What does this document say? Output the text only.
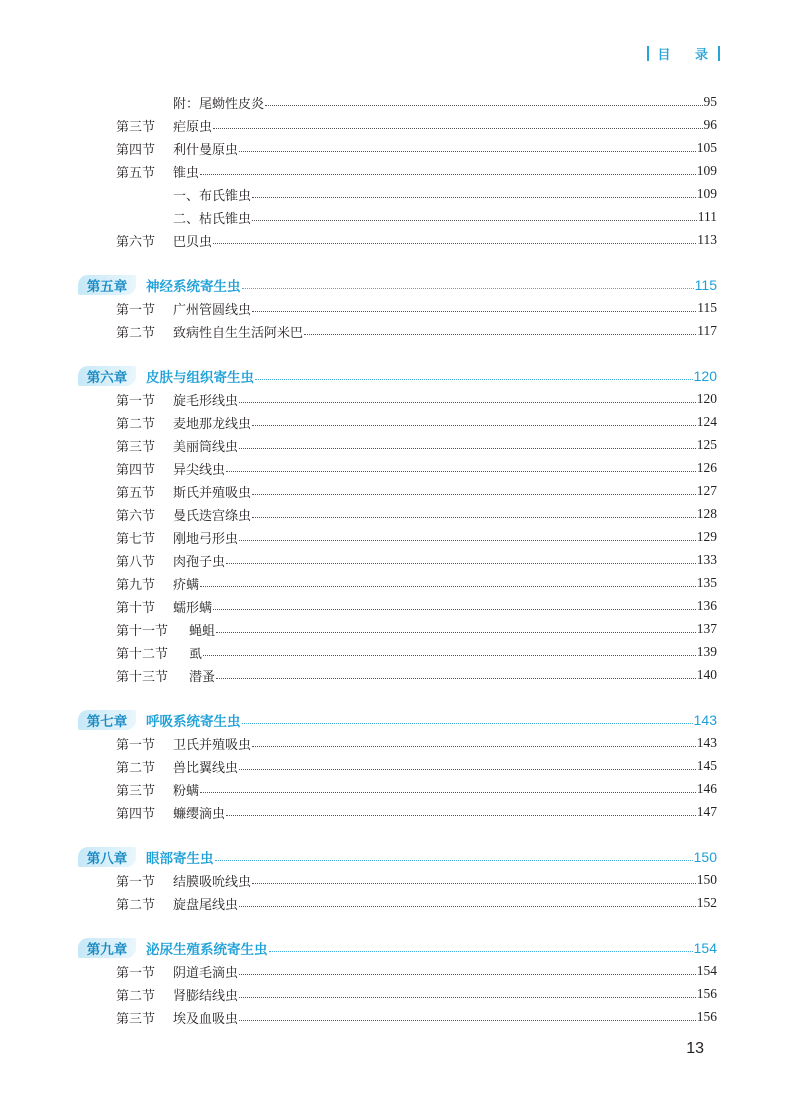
目 录
附：尾蚴性皮炎	95
第三节 疟原虫	96
第四节 利什曼原虫	105
第五节 锥虫	109
一、布氏锥虫	109
二、枯氏锥虫	111
第六节 巴贝虫	113
第五章	神经系统寄生虫	115
第一节 广州管圆线虫	115
第二节 致病性自生生活阿米巴	117
第六章	皮肤与组织寄生虫	120
第一节 旋毛形线虫	120
第二节 麦地那龙线虫	124
第三节 美丽筒线虫	125
第四节 异尖线虫	126
第五节 斯氏并殖吸虫	127
第六节 曼氏迭宫绦虫	128
第七节 刚地弓形虫	129
第八节 肉孢子虫	133
第九节 疥螨	135
第十节 蠕形螨	136
第十一节 蝇蛆	137
第十二节 虱	139
第十三节 潜蚤	140
第七章	呼吸系统寄生虫	143
第一节 卫氏并殖吸虫	143
第二节 兽比翼线虫	145
第三节 粉螨	146
第四节 蠊缨滴虫	147
第八章	眼部寄生虫	150
第一节 结膜吸吮线虫	150
第二节 旋盘尾线虫	152
第九章	泌尿生殖系统寄生虫	154
第一节 阴道毛滴虫	154
第二节 肾膨结线虫	156
第三节 埃及血吸虫	156
13
